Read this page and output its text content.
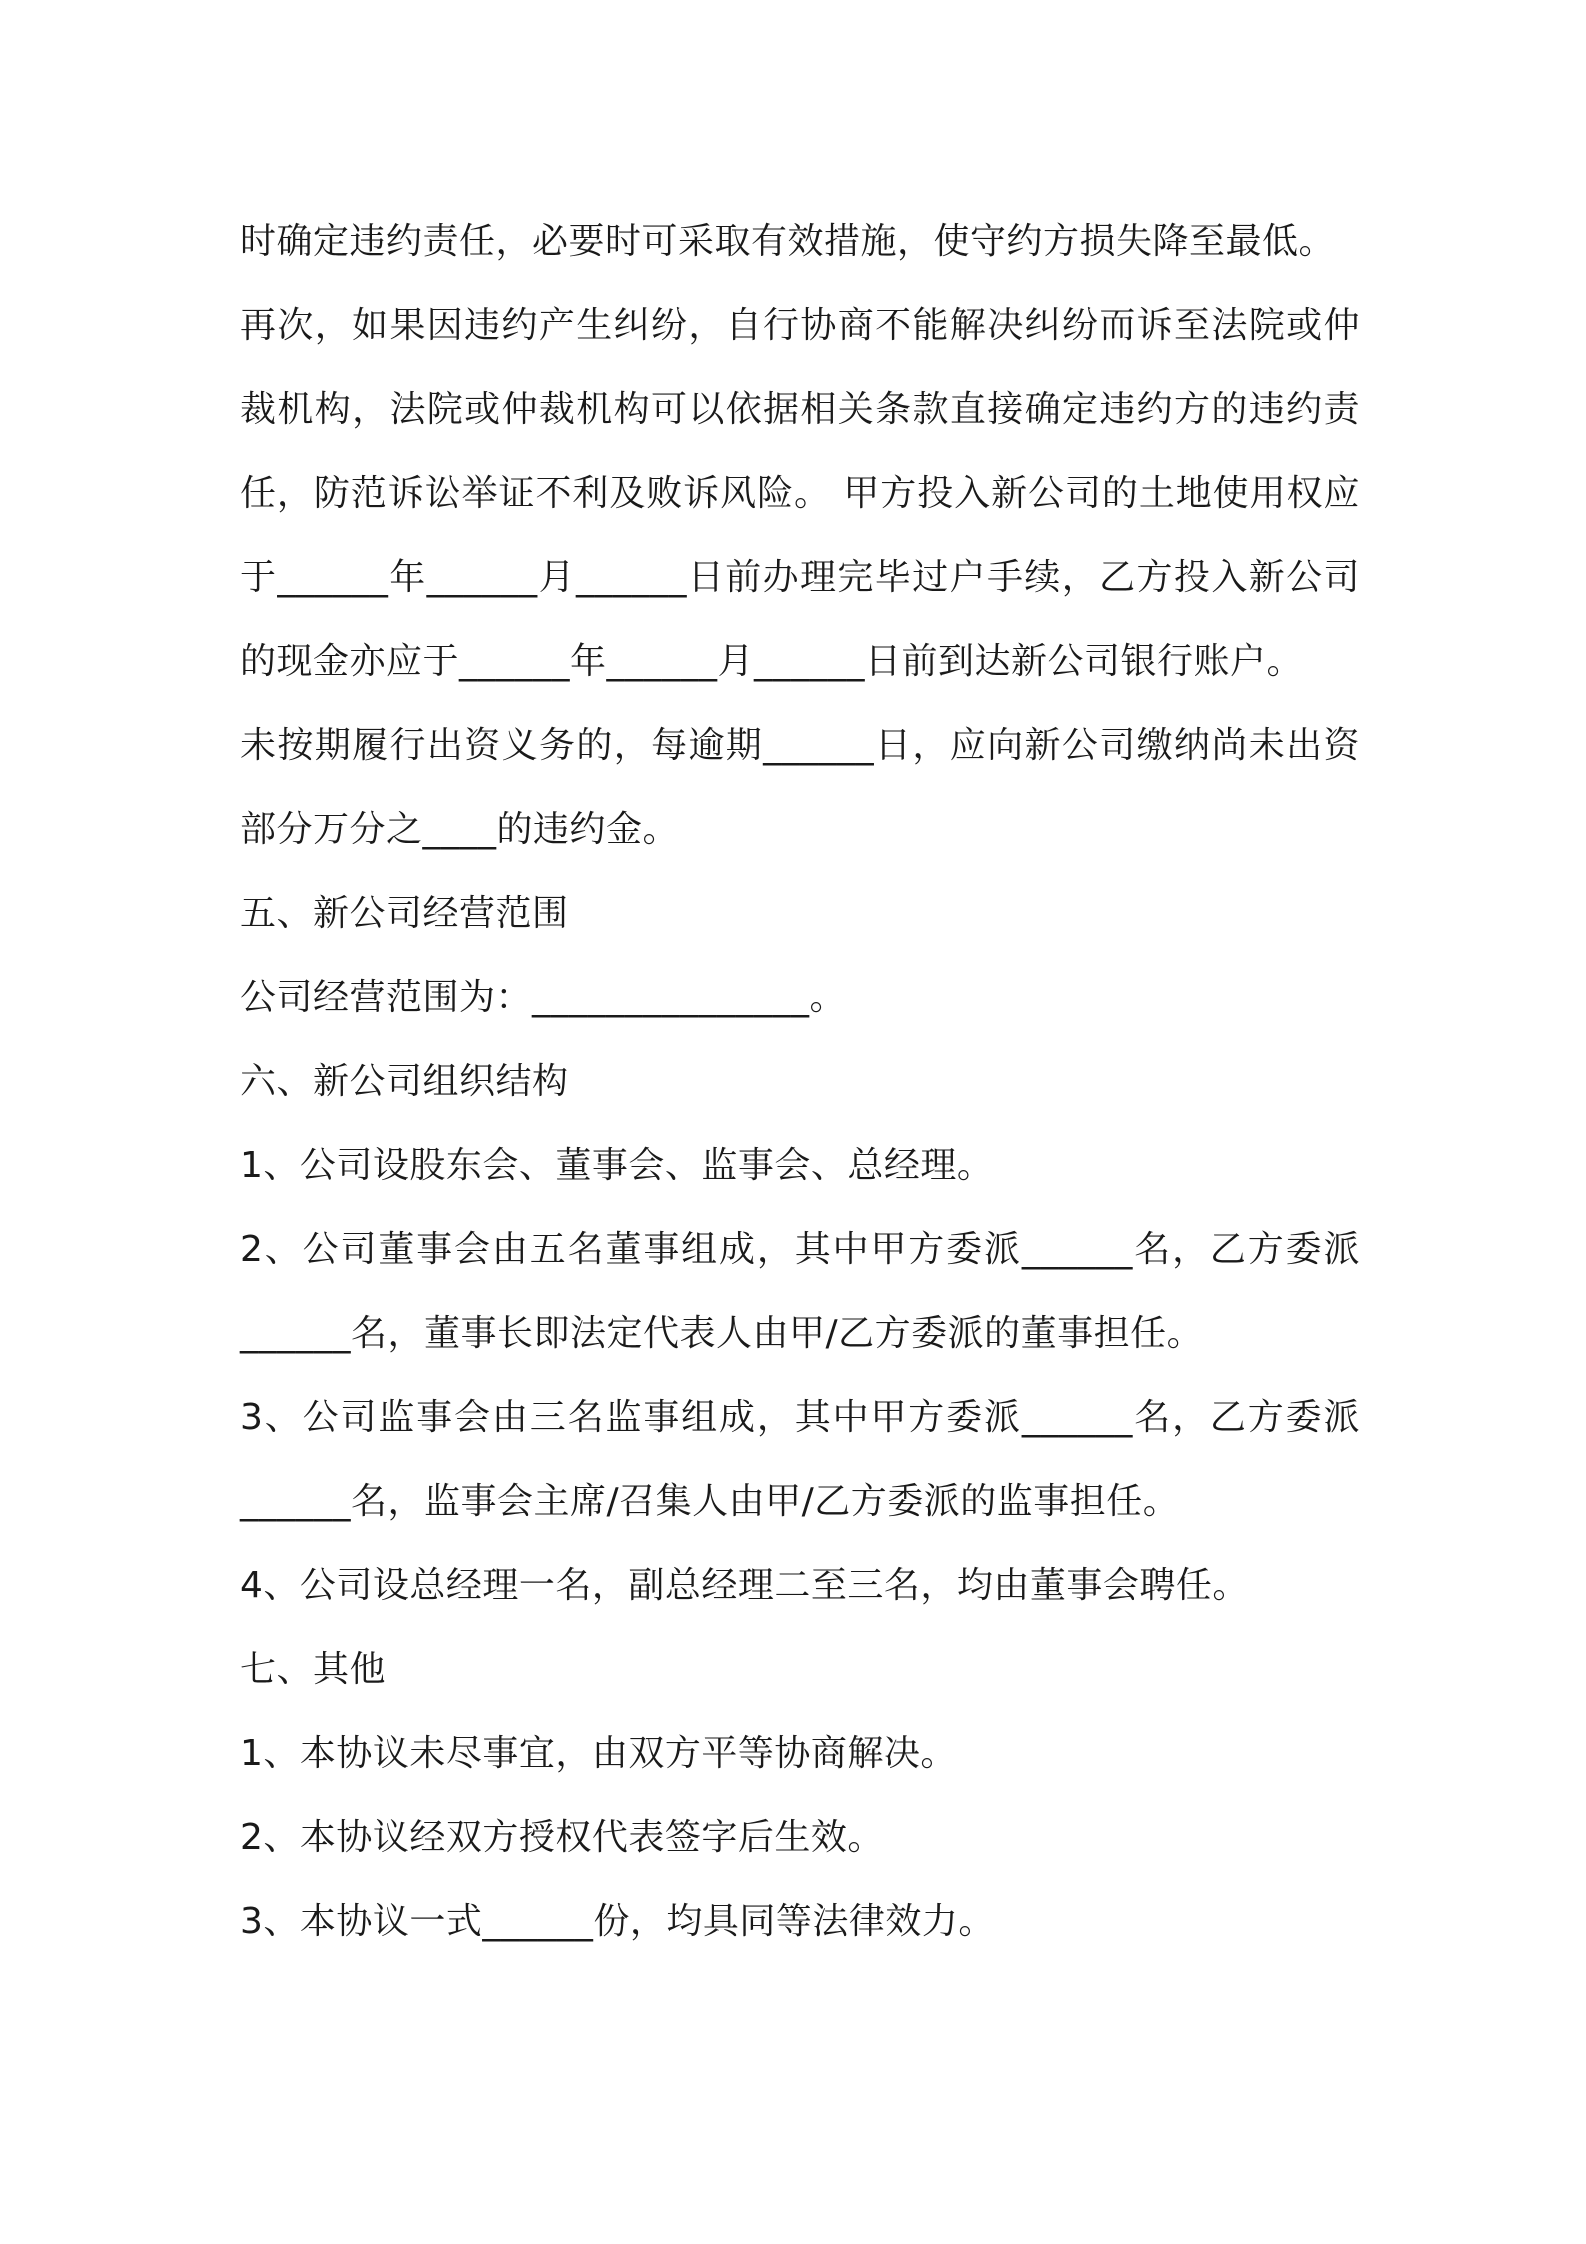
时确定违约责任，必要时可采取有效措施，使守约方损失降至最低。

再次，如果因违约产生纠纷，自行协商不能解决纠纷而诉至法院或仲裁机构，法院或仲裁机构可以依据相关条款直接确定违约方的违约责任，防范诉讼举证不利及败诉风险。 甲方投入新公司的土地使用权应于______年______月______日前办理完毕过户手续，乙方投入新公司的现金亦应于______年______月______日前到达新公司银行账户。

未按期履行出资义务的，每逾期______日，应向新公司缴纳尚未出资部分万分之____的违约金。

五、新公司经营范围

公司经营范围为：_______________。

六、新公司组织结构

1、公司设股东会、董事会、监事会、总经理。

2、公司董事会由五名董事组成，其中甲方委派______名，乙方委派______名，董事长即法定代表人由甲/乙方委派的董事担任。

3、公司监事会由三名监事组成，其中甲方委派______名，乙方委派______名，监事会主席/召集人由甲/乙方委派的监事担任。

4、公司设总经理一名，副总经理二至三名，均由董事会聘任。

七、其他

1、本协议未尽事宜，由双方平等协商解决。

2、本协议经双方授权代表签字后生效。

3、本协议一式______份，均具同等法律效力。
